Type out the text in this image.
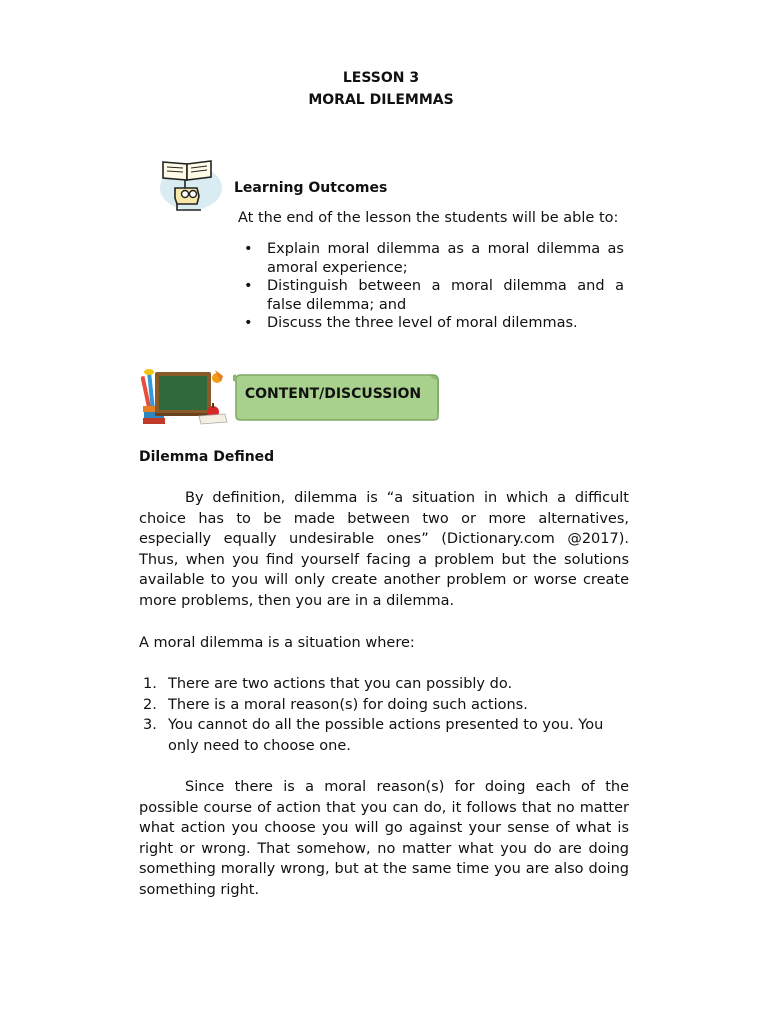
LESSON 3
MORAL DILEMMAS
Learning Outcomes
At the end of the lesson the students will be able to:
• Explain moral dilemma as a moral dilemma as amoral experience;
• Distinguish between a moral dilemma and a false dilemma; and
• Discuss the three level of moral dilemmas.
CONTENT/DISCUSSION
Dilemma Defined
By definition, dilemma is “a situation in which a difficult choice has to be made between two or more alternatives, especially equally undesirable ones” (Dictionary.com @2017). Thus, when you find yourself facing a problem but the solutions available to you will only create another problem or worse create more problems, then you are in a dilemma.
A moral dilemma is a situation where:
1. There are two actions that you can possibly do.
2. There is a moral reason(s) for doing such actions.
3. You cannot do all the possible actions presented to you. You only need to choose one.
Since there is a moral reason(s) for doing each of the possible course of action that you can do, it follows that no matter what action you choose you will go against your sense of what is right or wrong. That somehow, no matter what you do are doing something morally wrong, but at the same time you are also doing something right.
